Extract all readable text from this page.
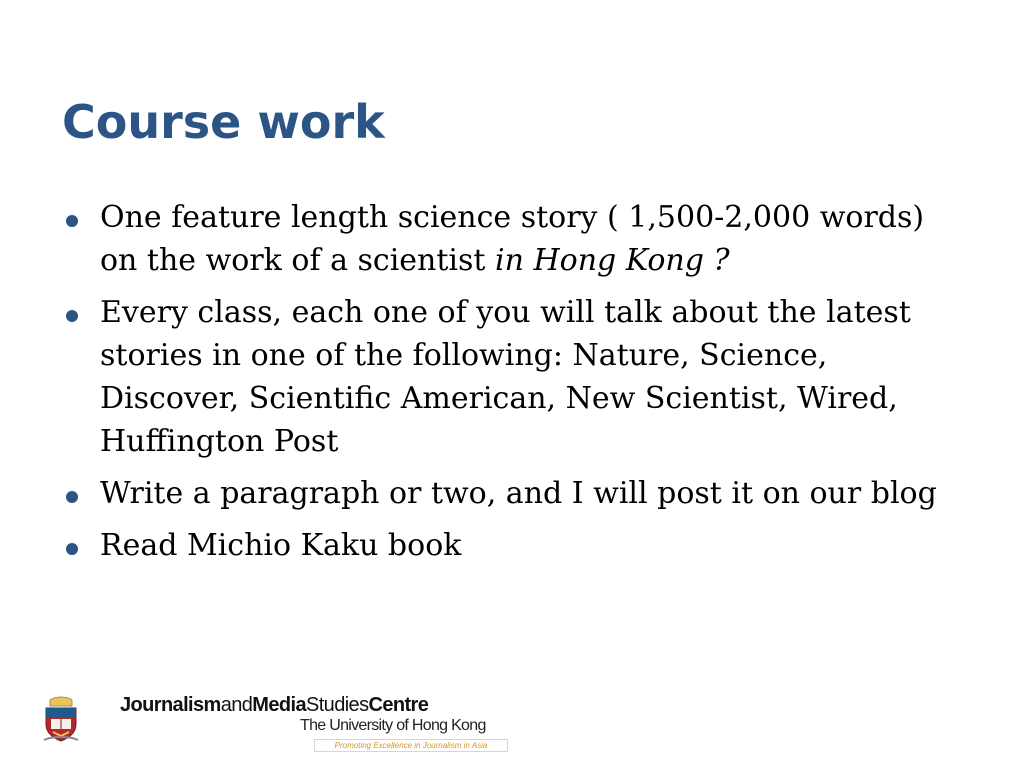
Course work
One feature length science story ( 1,500-2,000 words) on the work of a scientist in Hong Kong ?
Every class, each one of you will talk about the latest stories in one of the following: Nature, Science, Discover, Scientific American, New Scientist, Wired, Huffington Post
Write a paragraph or two, and I will post it on our blog
Read Michio Kaku book
JournalismandMediaStudiesCentre
The University of Hong Kong
Promoting Excellence in Journalism in Asia
